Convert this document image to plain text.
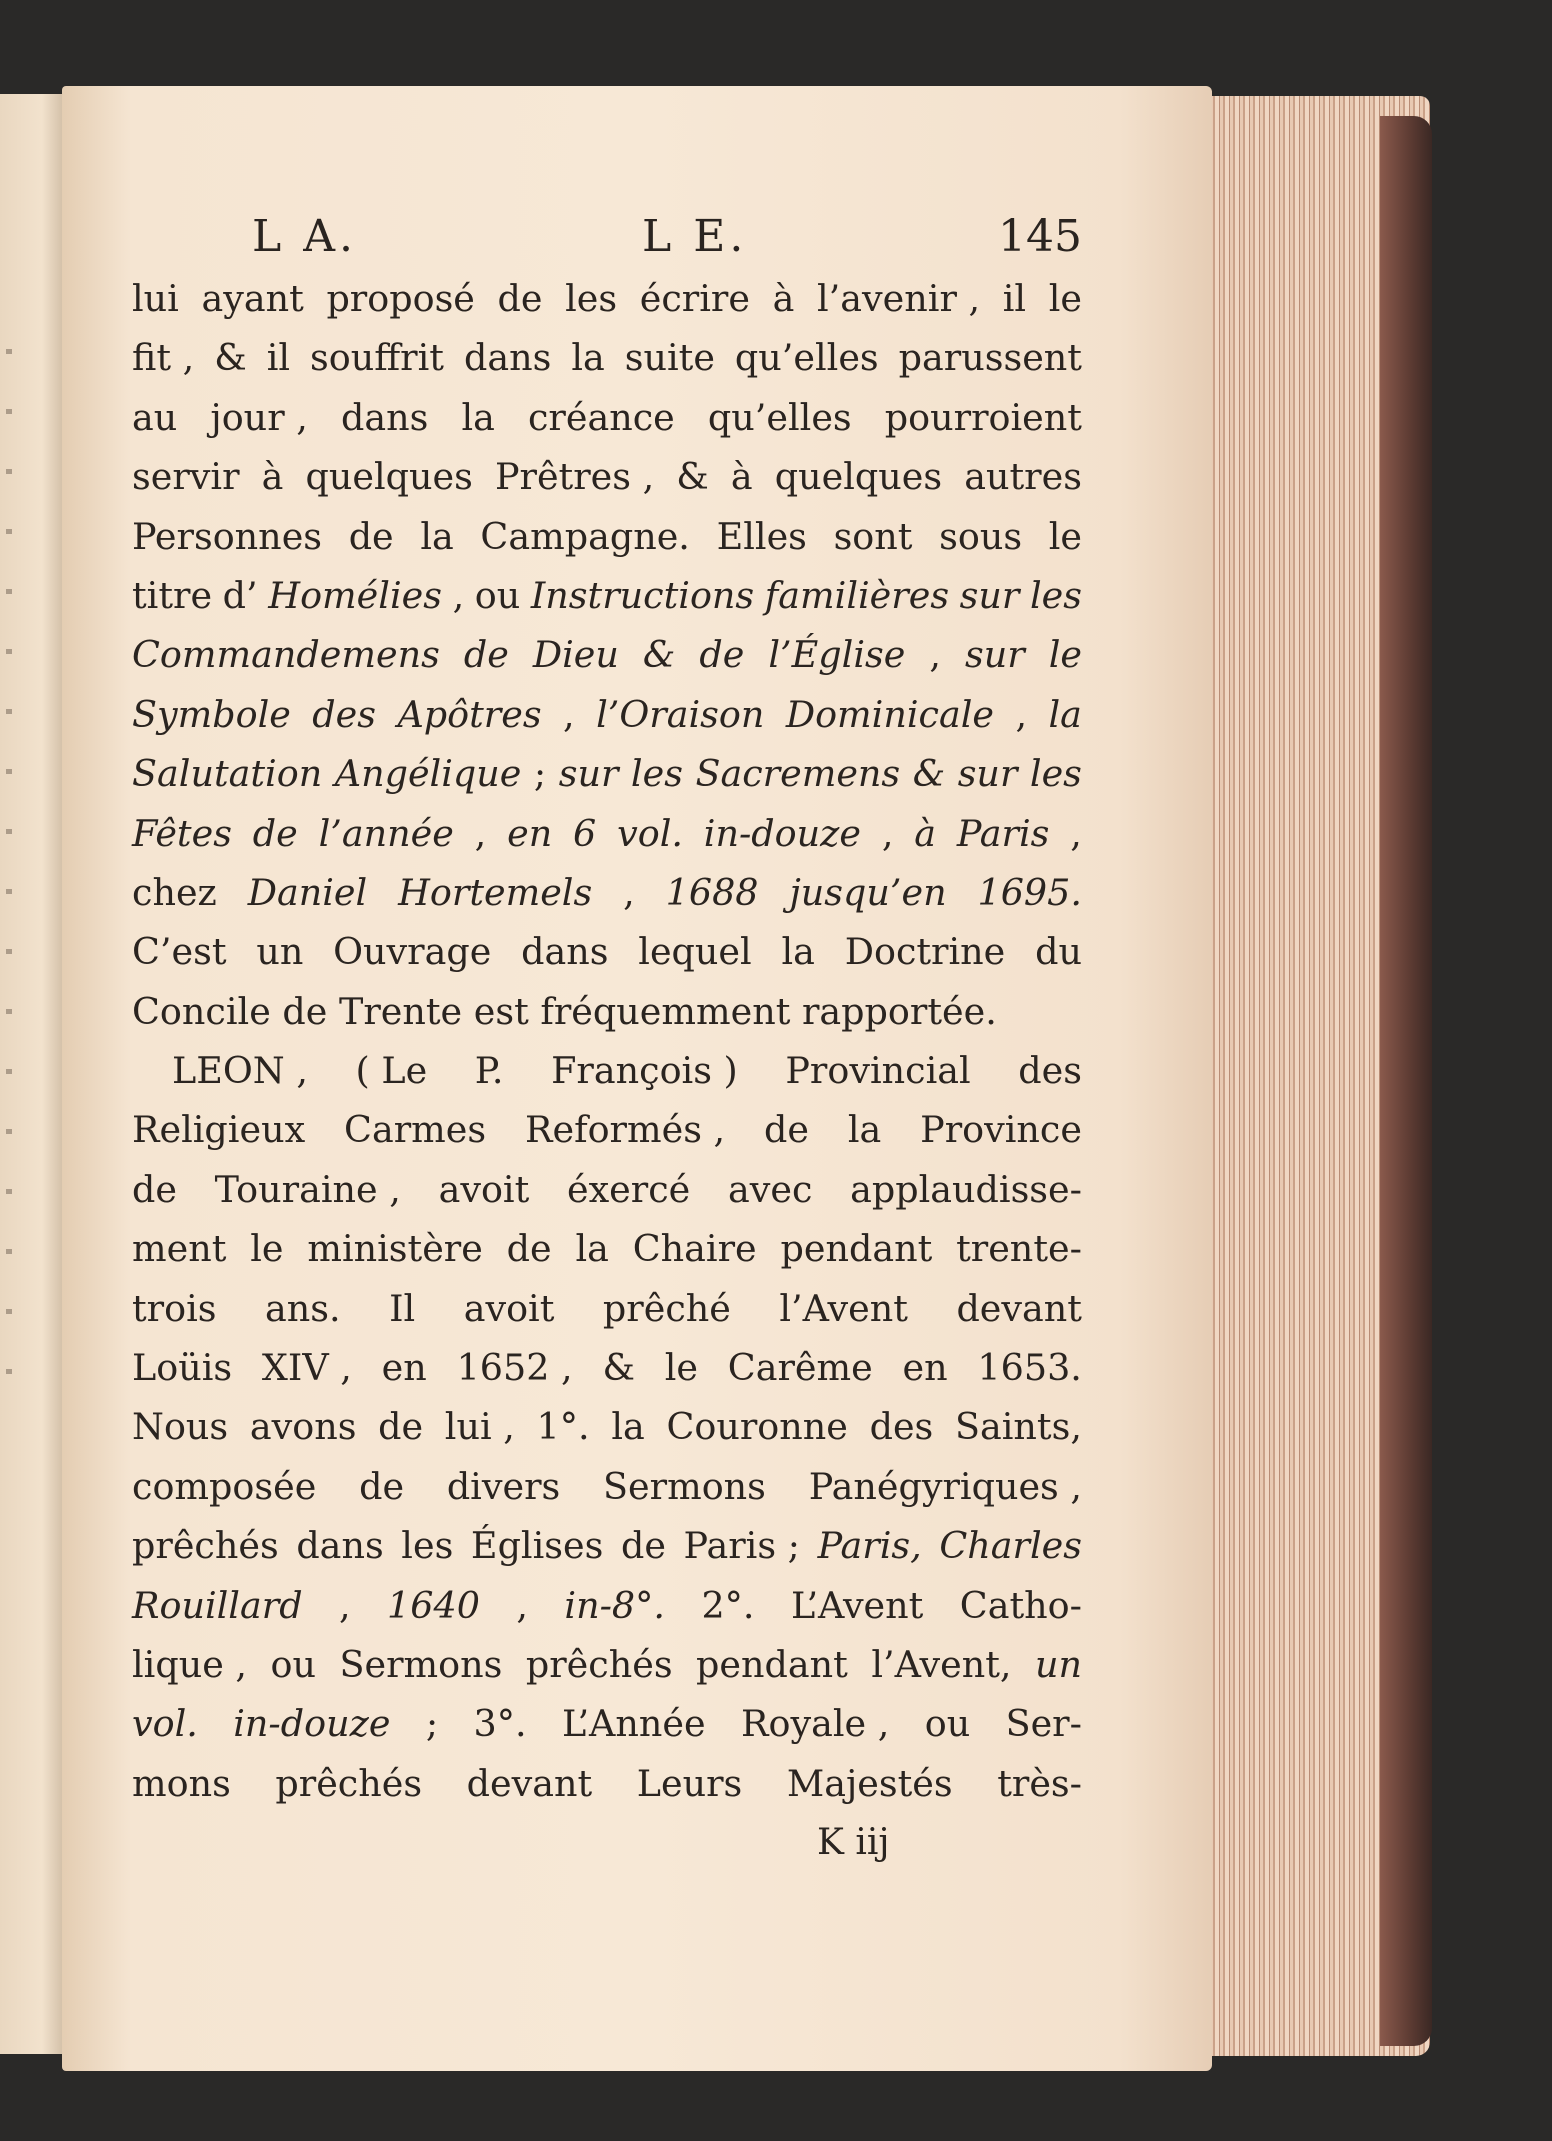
L A.	L E.	145
lui ayant proposé de les écrire à l’avenir , il le
fit , & il souffrit dans la suite qu’elles parussent
au jour , dans la créance qu’elles pourroient
servir à quelques Prêtres , & à quelques autres
Personnes de la Campagne. Elles sont sous le
titre d’ Homélies , ou Instructions familières sur les
Commandemens de Dieu & de l’Église , sur le
Symbole des Apôtres , l’Oraison Dominicale , la
Salutation Angélique ; sur les Sacremens & sur les
Fêtes de l’année , en 6 vol. in-douze , à Paris ,
chez Daniel Hortemels , 1688 jusqu’en 1695.
C’est un Ouvrage dans lequel la Doctrine du
Concile de Trente est fréquemment rapportée.
LEON , ( Le P. François ) Provincial des
Religieux Carmes Reformés , de la Province
de Touraine , avoit éxercé avec applaudisse-
ment le ministère de la Chaire pendant trente-
trois ans. Il avoit prêché l’Avent devant
Loüis XIV , en 1652 , & le Carême en 1653.
Nous avons de lui , 1°. la Couronne des Saints,
composée de divers Sermons Panégyriques ,
prêchés dans les Églises de Paris ; Paris, Charles
Rouillard , 1640 , in-8°. 2°. L’Avent Catho-
lique , ou Sermons prêchés pendant l’Avent, un
vol. in-douze ; 3°. L’Année Royale , ou Ser-
mons prêchés devant Leurs Majestés très-
K iij
